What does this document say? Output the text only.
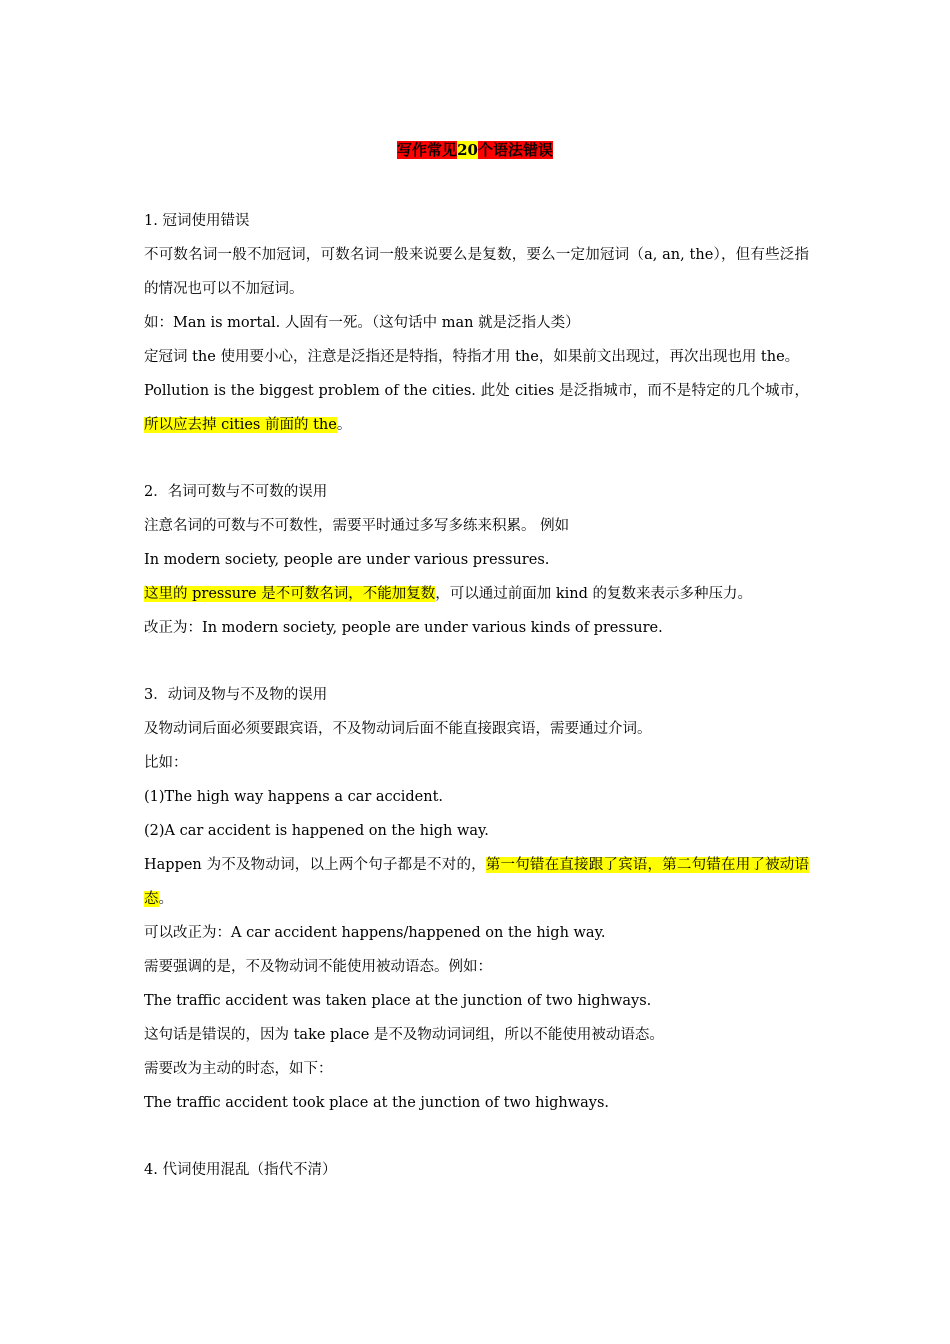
写作常见20个语法错误

1. 冠词使用错误

不可数名词一般不加冠词，可数名词一般来说要么是复数，要么一定加冠词（a, an, the），但有些泛指的情况也可以不加冠词。

如：Man is mortal. 人固有一死。（这句话中 man 就是泛指人类）

定冠词 the 使用要小心，注意是泛指还是特指，特指才用 the，如果前文出现过，再次出现也用 the。

Pollution is the biggest problem of the cities. 此处 cities 是泛指城市，而不是特定的几个城市，所以应去掉 cities 前面的 the。

2．名词可数与不可数的误用

注意名词的可数与不可数性，需要平时通过多写多练来积累。 例如

In modern society, people are under various pressures.

这里的 pressure 是不可数名词，不能加复数，可以通过前面加 kind 的复数来表示多种压力。

改正为：In modern society, people are under various kinds of pressure.

3．动词及物与不及物的误用

及物动词后面必须要跟宾语，不及物动词后面不能直接跟宾语，需要通过介词。

比如：

(1)The high way happens a car accident.

(2)A car accident is happened on the high way.

Happen 为不及物动词，以上两个句子都是不对的，第一句错在直接跟了宾语，第二句错在用了被动语态。

可以改正为：A car accident happens/happened on the high way.

需要强调的是，不及物动词不能使用被动语态。例如：

The traffic accident was taken place at the junction of two highways.

这句话是错误的，因为 take place 是不及物动词词组，所以不能使用被动语态。

需要改为主动的时态，如下：

The traffic accident took place at the junction of two highways.

4. 代词使用混乱（指代不清）
